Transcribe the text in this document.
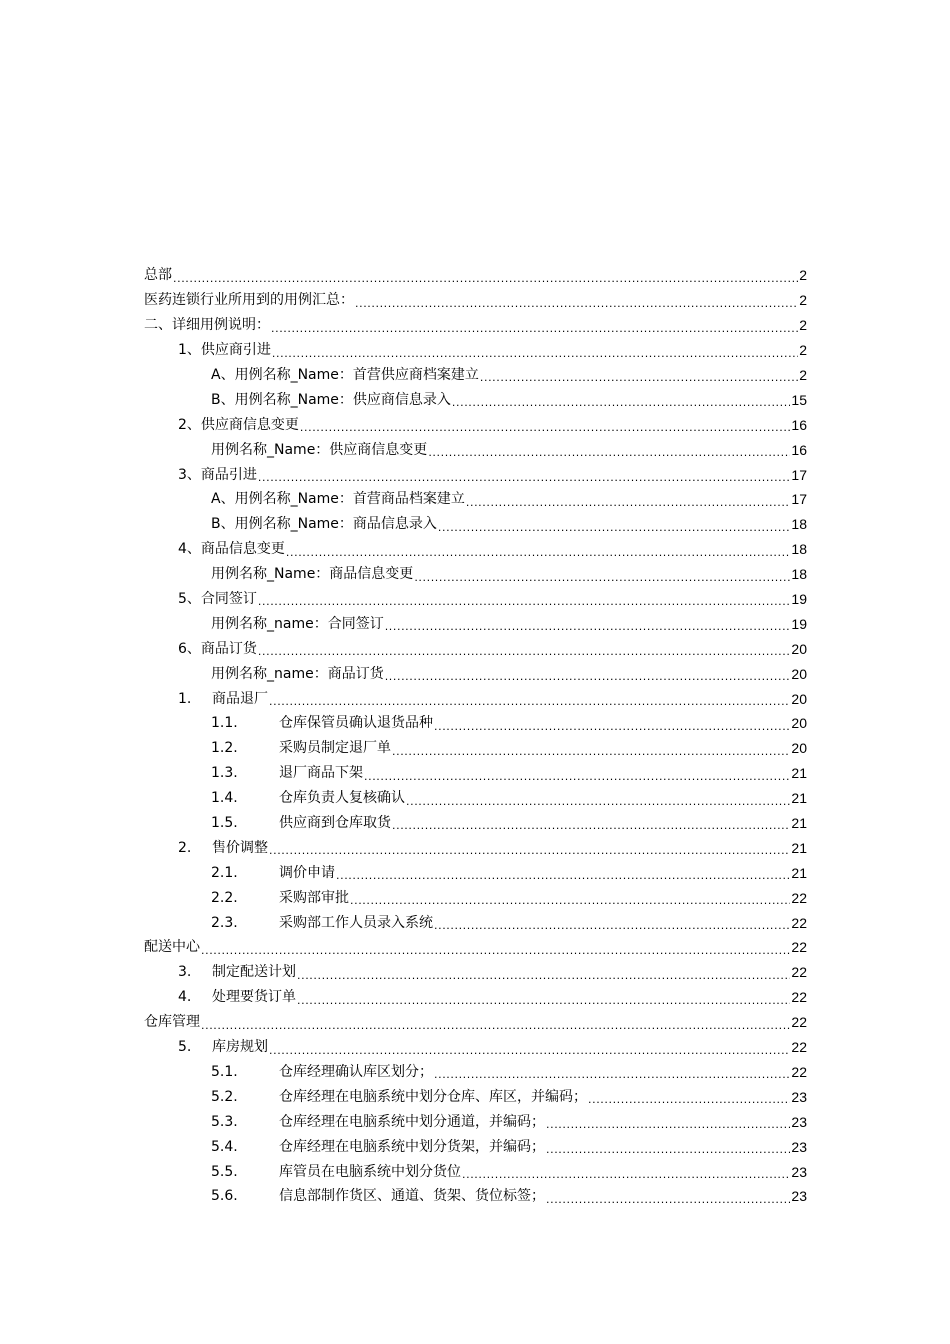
总部 .....	2
医药连锁行业所用到的用例汇总： .....	2
二、详细用例说明： .....	2
1、供应商引进 .....	2
A、用例名称_Name：首营供应商档案建立 .....	2
B、用例名称_Name：供应商信息录入 .....	15
2、供应商信息变更 .....	16
用例名称_Name：供应商信息变更 .....	16
3、商品引进 .....	17
A、用例名称_Name：首营商品档案建立 .....	17
B、用例名称_Name：商品信息录入 .....	18
4、商品信息变更 .....	18
用例名称_Name：商品信息变更 .....	18
5、合同签订 .....	19
用例名称_name：合同签订 .....	19
6、商品订货 .....	20
用例名称_name：商品订货 .....	20
1.	商品退厂 .....	20
1.1.	仓库保管员确认退货品种 .....	20
1.2.	采购员制定退厂单 .....	20
1.3.	退厂商品下架 .....	21
1.4.	仓库负责人复核确认 .....	21
1.5.	供应商到仓库取货 .....	21
2.	售价调整 .....	21
2.1.	调价申请 .....	21
2.2.	采购部审批 .....	22
2.3.	采购部工作人员录入系统 .....	22
配送中心 .....	22
3.	制定配送计划 .....	22
4.	处理要货订单 .....	22
仓库管理 .....	22
5.	库房规划 .....	22
5.1.	仓库经理确认库区划分； .....	22
5.2.	仓库经理在电脑系统中划分仓库、库区，并编码； .....	23
5.3.	仓库经理在电脑系统中划分通道，并编码； .....	23
5.4.	仓库经理在电脑系统中划分货架，并编码； .....	23
5.5.	库管员在电脑系统中划分货位 .....	23
5.6.	信息部制作货区、通道、货架、货位标签； .....	23
